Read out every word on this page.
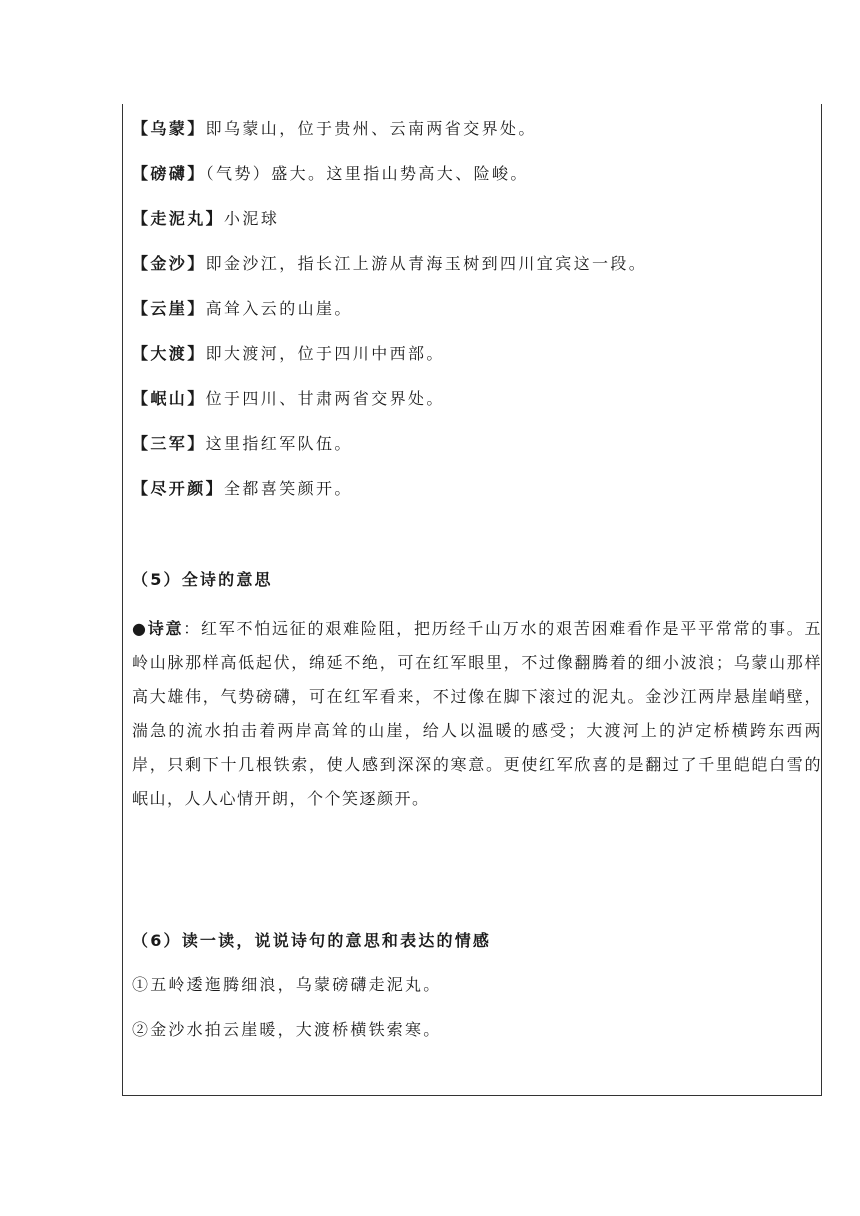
【乌蒙】即乌蒙山，位于贵州、云南两省交界处。
【磅礴】（气势）盛大。这里指山势高大、险峻。
【走泥丸】小泥球
【金沙】即金沙江，指长江上游从青海玉树到四川宜宾这一段。
【云崖】高耸入云的山崖。
【大渡】即大渡河，位于四川中西部。
【岷山】位于四川、甘肃两省交界处。
【三军】这里指红军队伍。
【尽开颜】全都喜笑颜开。
（5）全诗的意思

●诗意：红军不怕远征的艰难险阻，把历经千山万水的艰苦困难看作是平平常常的事。五岭山脉那样高低起伏，绵延不绝，可在红军眼里，不过像翻腾着的细小波浪；乌蒙山那样高大雄伟，气势磅礴，可在红军看来，不过像在脚下滚过的泥丸。金沙江两岸悬崖峭壁，湍急的流水拍击着两岸高耸的山崖，给人以温暖的感受；大渡河上的泸定桥横跨东西两岸，只剩下十几根铁索，使人感到深深的寒意。更使红军欣喜的是翻过了千里皑皑白雪的岷山，人人心情开朗，个个笑逐颜开。

（6）读一读，说说诗句的意思和表达的情感
①五岭逶迤腾细浪，乌蒙磅礴走泥丸。
②金沙水拍云崖暖，大渡桥横铁索寒。
